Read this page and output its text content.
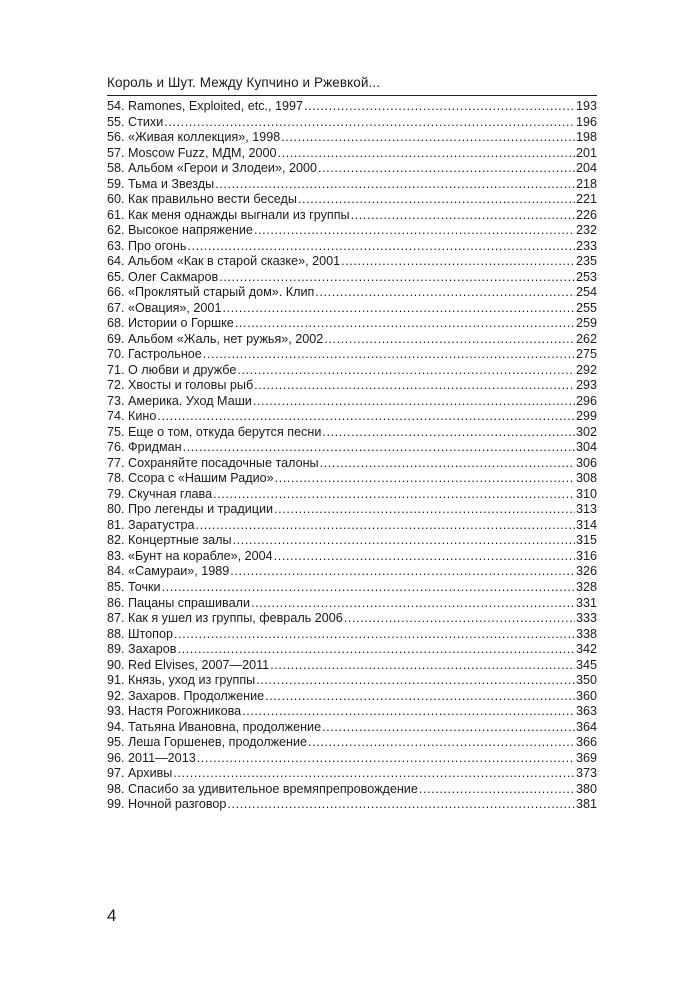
Король и Шут. Между Купчино и Ржевкой...
54. Ramones, Exploited, etc., 1997 .....	193
55. Стихи .....	196
56. «Живая коллекция», 1998 .....	198
57. Moscow Fuzz, МДМ, 2000 .....	201
58. Альбом «Герои и Злодеи», 2000 .....	204
59. Тьма и Звезды .....	218
60. Как правильно вести беседы .....	221
61. Как меня однажды выгнали из группы .....	226
62. Высокое напряжение .....	232
63. Про огонь .....	233
64. Альбом «Как в старой сказке», 2001 .....	235
65. Олег Сакмаров .....	253
66. «Проклятый старый дом». Клип .....	254
67. «Овация», 2001 .....	255
68. Истории о Горшке .....	259
69. Альбом «Жаль, нет ружья», 2002 .....	262
70. Гастрольное .....	275
71. О любви и дружбе .....	292
72. Хвосты и головы рыб .....	293
73. Америка. Уход Маши .....	296
74. Кино .....	299
75. Еще о том, откуда берутся песни .....	302
76. Фридман .....	304
77. Сохраняйте посадочные талоны .....	306
78. Ссора с «Нашим Радио» .....	308
79. Скучная глава .....	310
80. Про легенды и традиции .....	313
81. Заратустра .....	314
82. Концертные залы .....	315
83. «Бунт на корабле», 2004 .....	316
84. «Самураи», 1989 .....	326
85. Точки .....	328
86. Пацаны спрашивали .....	331
87. Как я ушел из группы, февраль 2006 .....	333
88. Штопор .....	338
89. Захаров .....	342
90. Red Elvises, 2007—2011 .....	345
91. Князь, уход из группы .....	350
92. Захаров. Продолжение .....	360
93. Настя Рогожникова .....	363
94. Татьяна Ивановна, продолжение .....	364
95. Леша Горшенев, продолжение .....	366
96. 2011—2013 .....	369
97. Архивы .....	373
98. Спасибо за удивительное времяпрепровождение .....	380
99. Ночной разговор .....	381
4
